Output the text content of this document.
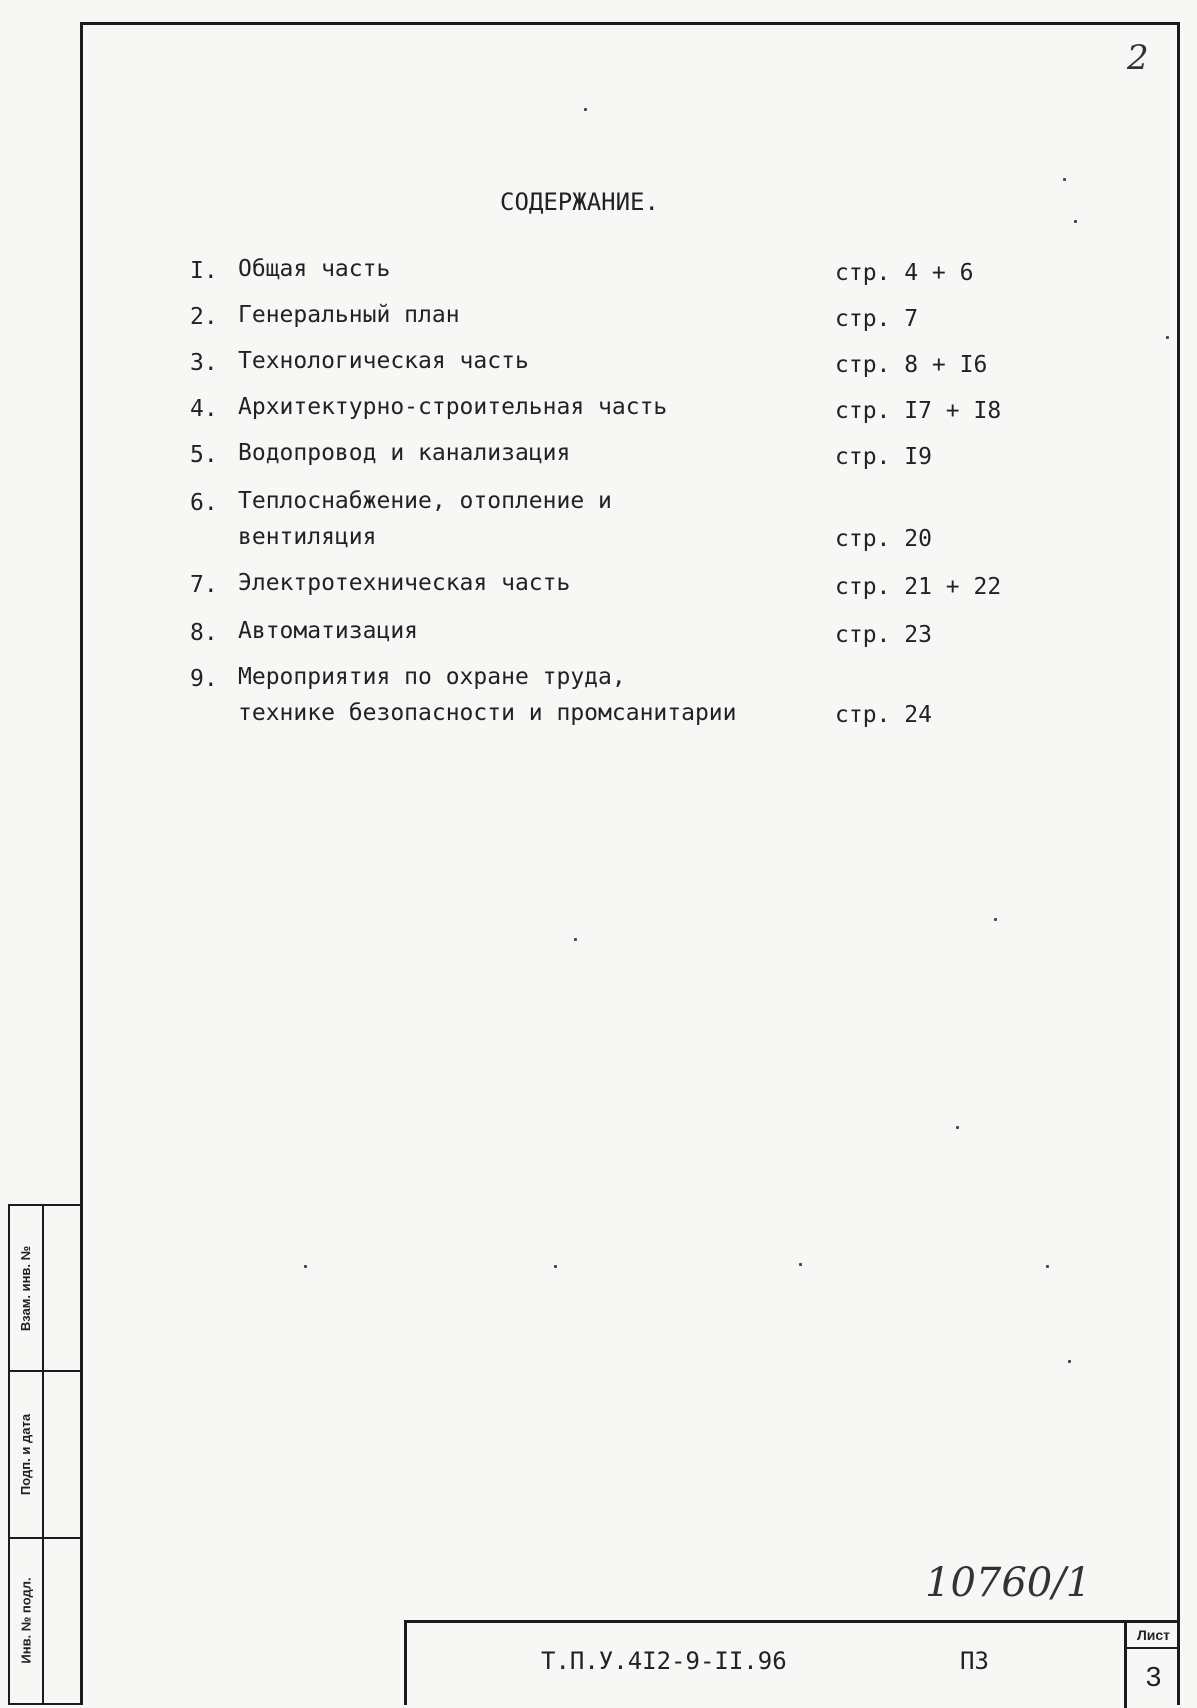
Взам. инв. №
Подп. и дата
Инв. № подл.
2
СОДЕРЖАНИЕ.
I. Общая часть	стр. 4 + 6
2. Генеральный план	стр. 7
3. Технологическая часть	стр. 8 + I6
4. Архитектурно-строительная часть	стр. I7 + I8
5. Водопровод и канализация	стр. I9
6. Теплоснабжение, отопление и
вентиляция	стр. 20
7. Электротехническая часть	стр. 21 + 22
8. Автоматизация	стр. 23
9. Мероприятия по охране труда,
технике безопасности и промсанитарии	стр. 24
10760/1
Т.П.У.4I2-9-II.96	ПЗ
Лист
3
